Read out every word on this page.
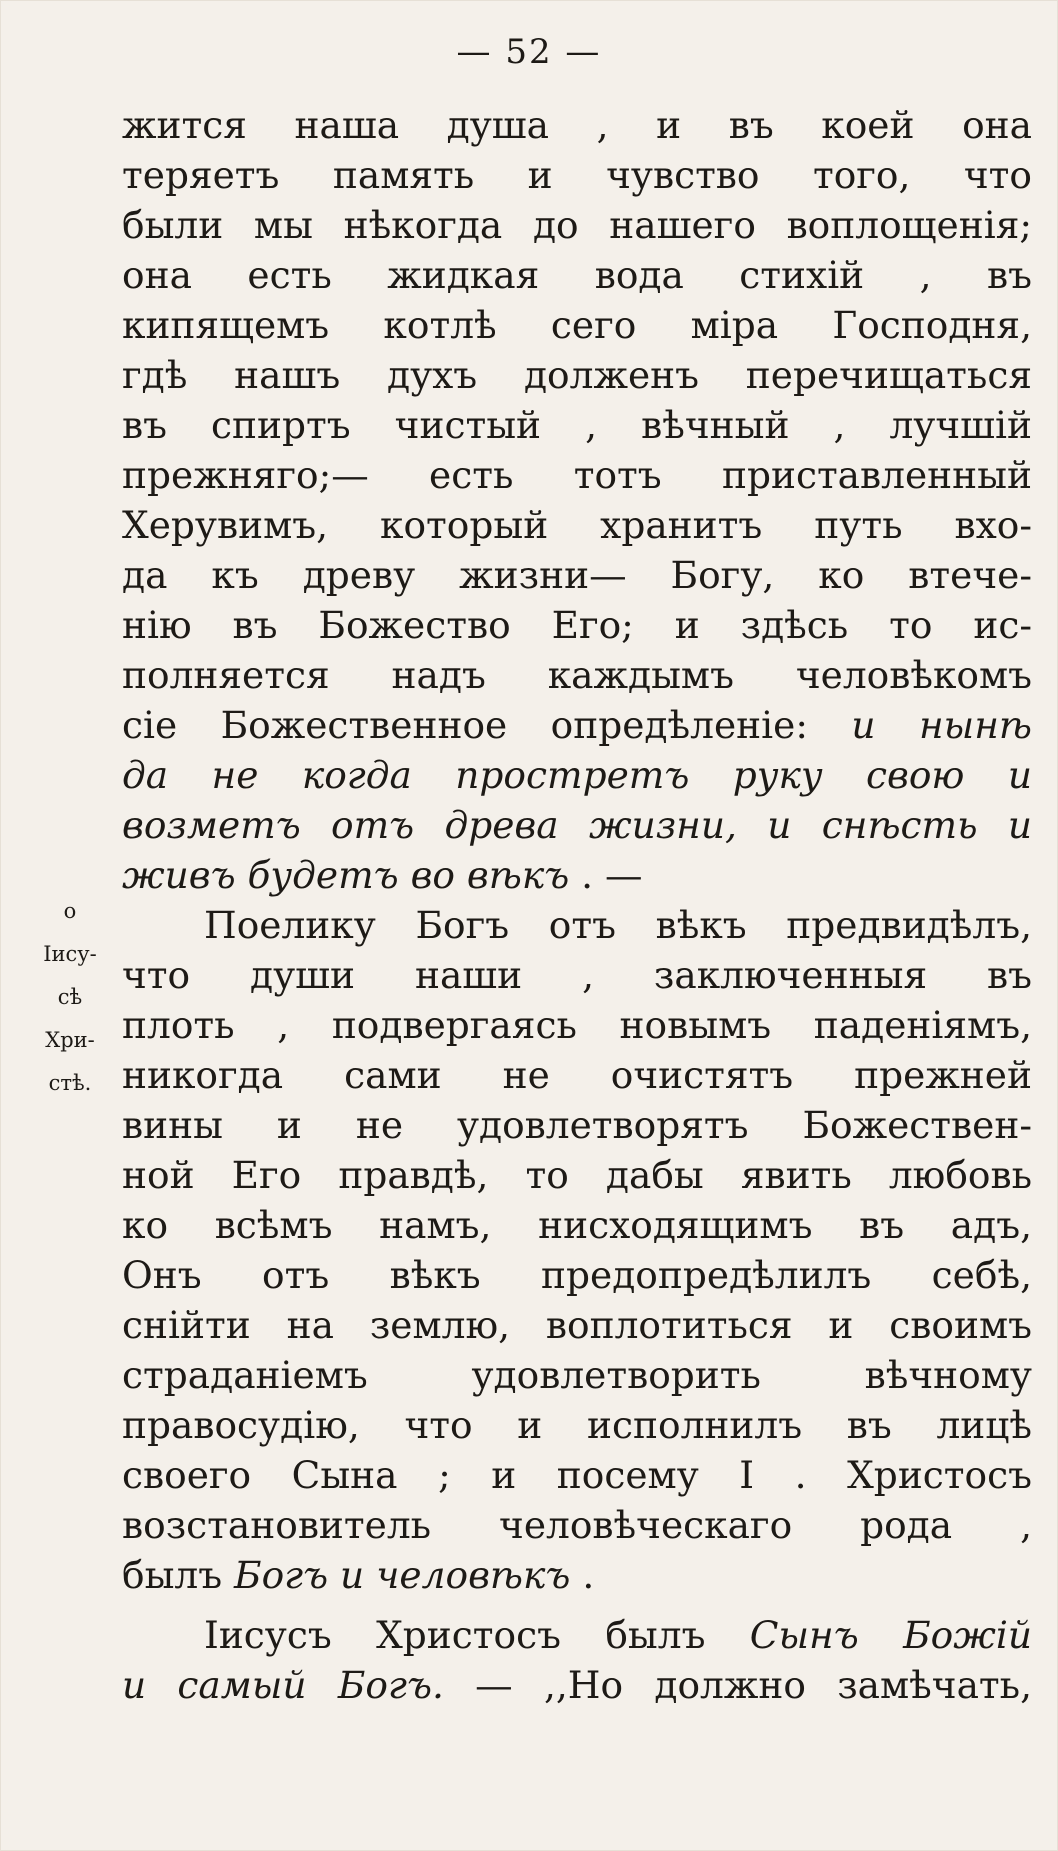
— 52 —
о
Іису-
сѣ
Хри-
стѣ.
жится наша душа , и въ коей она
теряетъ память и чувство того, что
были мы нѣкогда до нашего воплощенія;
она есть жидкая вода стихій , въ
кипящемъ котлѣ сего міра Господня,
гдѣ нашъ духъ долженъ перечищаться
въ спиртъ чистый , вѣчный , лучшій
прежняго;— есть тотъ приставленный
Херувимъ, который хранитъ путь вхо-
да къ древу жизни— Богу, ко втече-
нію въ Божество Его; и здѣсь то ис-
полняется надъ каждымъ человѣкомъ
сіе Божественное опредѣленіе: и нынѣ
да не когда простретъ руку свою и
возметъ отъ древа жизни, и снѣсть и
живъ будетъ во вѣкъ . —
Поелику Богъ отъ вѣкъ предвидѣлъ,
что души наши , заключенныя въ
плоть , подвергаясь новымъ паденіямъ,
никогда сами не очистятъ прежней
вины и не удовлетворятъ Божествен-
ной Его правдѣ, то дабы явить любовь
ко всѣмъ намъ, нисходящимъ въ адъ,
Онъ отъ вѣкъ предопредѣлилъ себѣ,
снійти на землю, воплотиться и своимъ
страданіемъ удовлетворить вѣчному
правосудію, что и исполнилъ въ лицѣ
своего Сына ; и посему І . Христосъ
возстановитель человѣческаго рода ,
былъ Богъ и человѣкъ .
Іисусъ Христосъ былъ Сынъ Божій
и самый Богъ. — ,,Но должно замѣчать,
